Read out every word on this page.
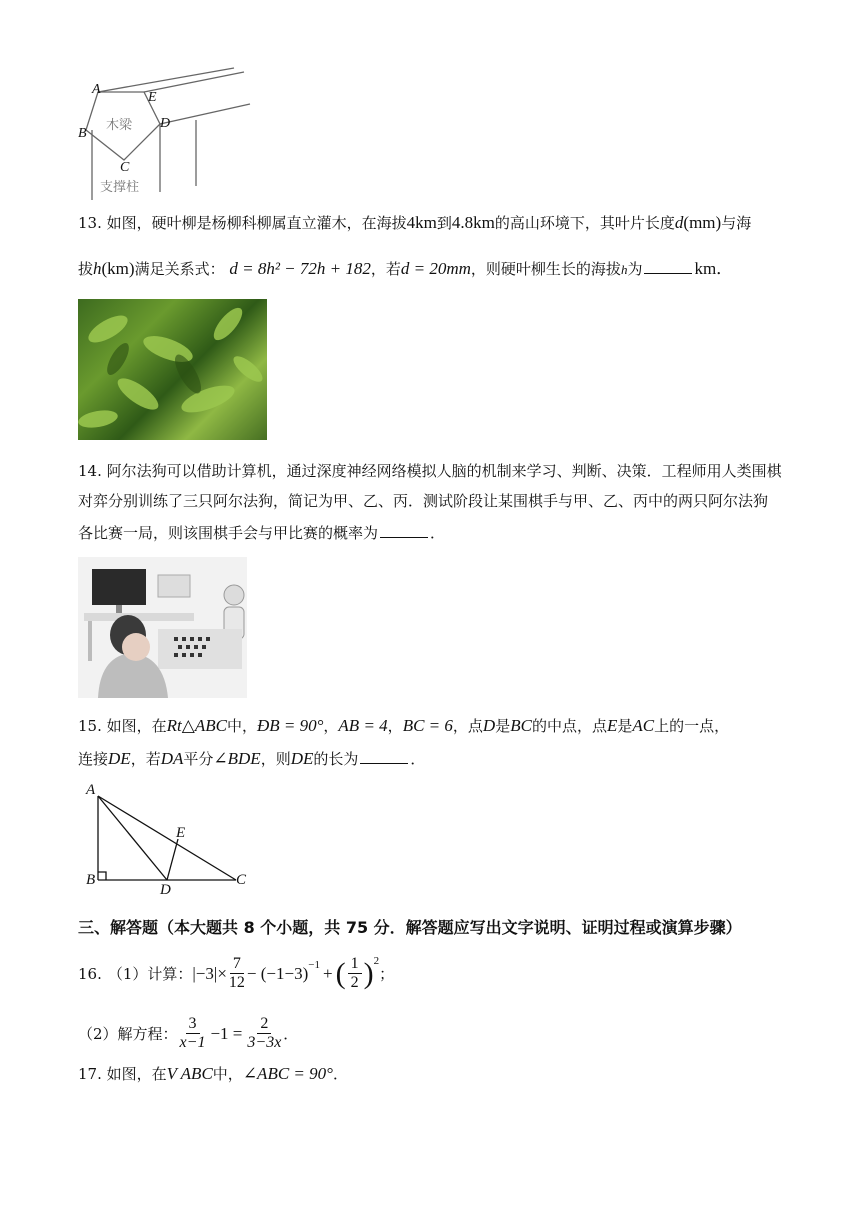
A
E
B
D
C
木梁
支撑柱
13. 如图，硬叶柳是杨柳科柳属直立灌木，在海拔4km到4.8km的高山环境下，其叶片长度d(mm)与海
拔h(km)满足关系式： d = 8h² − 72h + 182，若d = 20mm，则硬叶柳生长的海拔h为	km．
14. 阿尔法狗可以借助计算机，通过深度神经网络模拟人脑的机制来学习、判断、决策．工程师用人类围棋
对弈分别训练了三只阿尔法狗，简记为甲、乙、丙．测试阶段让某围棋手与甲、乙、丙中的两只阿尔法狗
各比赛一局，则该围棋手会与甲比赛的概率为	．
15. 如图，在Rt△ABC中，ÐB = 90°，AB = 4，BC = 6，点D是BC的中点，点E是AC上的一点，
连接DE，若DA平分∠BDE，则DE的长为	．
A
B
D
E
C
三、解答题（本大题共 8 个小题，共 75 分．解答题应写出文字说明、证明过程或演算步骤）
16. （1）计算： $|-3| \times \frac{7}{12} - (-1-3)^{-1}$ + ( $\frac{1}{2} )^2$
；
（2）解方程： $\frac{3}{x-1} -1 = \frac{2}{3-3x}$ ．
17. 如图，在V ABC中，∠ABC = 90°．
